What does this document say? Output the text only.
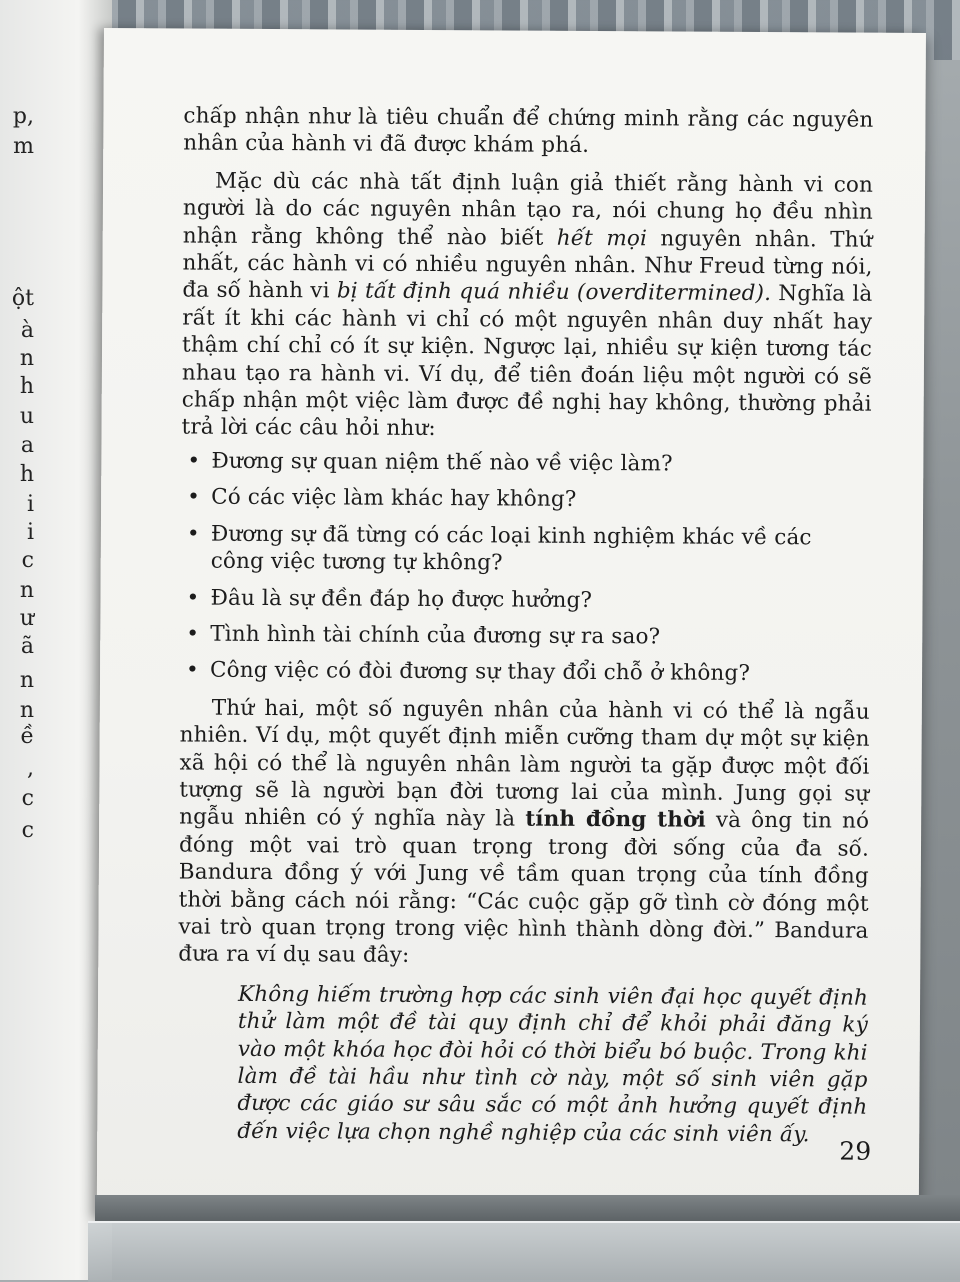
p,
m
ột
à
n
h
u
a
h
i
i
c
n
ư
ã
n
n
ề
,
c
c

chấp nhận như là tiêu chuẩn để chứng minh rằng các nguyên nhân của hành vi đã được khám phá.

Mặc dù các nhà tất định luận giả thiết rằng hành vi con người là do các nguyên nhân tạo ra, nói chung họ đều nhìn nhận rằng không thể nào biết hết mọi nguyên nhân. Thứ nhất, các hành vi có nhiều nguyên nhân. Như Freud từng nói, đa số hành vi bị tất định quá nhiều (overditermined). Nghĩa là rất ít khi các hành vi chỉ có một nguyên nhân duy nhất hay thậm chí chỉ có ít sự kiện. Ngược lại, nhiều sự kiện tương tác nhau tạo ra hành vi. Ví dụ, để tiên đoán liệu một người có sẽ chấp nhận một việc làm được đề nghị hay không, thường phải trả lời các câu hỏi như:

• Đương sự quan niệm thế nào về việc làm?
• Có các việc làm khác hay không?
• Đương sự đã từng có các loại kinh nghiệm khác về các công việc tương tự không?
• Đâu là sự đền đáp họ được hưởng?
• Tình hình tài chính của đương sự ra sao?
• Công việc có đòi đương sự thay đổi chỗ ở không?

Thứ hai, một số nguyên nhân của hành vi có thể là ngẫu nhiên. Ví dụ, một quyết định miễn cưỡng tham dự một sự kiện xã hội có thể là nguyên nhân làm người ta gặp được một đối tượng sẽ là người bạn đời tương lai của mình. Jung gọi sự ngẫu nhiên có ý nghĩa này là tính đồng thời và ông tin nó đóng một vai trò quan trọng trong đời sống của đa số. Bandura đồng ý với Jung về tầm quan trọng của tính đồng thời bằng cách nói rằng: “Các cuộc gặp gỡ tình cờ đóng một vai trò quan trọng trong việc hình thành dòng đời.” Bandura đưa ra ví dụ sau đây:

Không hiếm trường hợp các sinh viên đại học quyết định thử làm một đề tài quy định chỉ để khỏi phải đăng ký vào một khóa học đòi hỏi có thời biểu bó buộc. Trong khi làm đề tài hầu như tình cờ này, một số sinh viên gặp được các giáo sư sâu sắc có một ảnh hưởng quyết định đến việc lựa chọn nghề nghiệp của các sinh viên ấy.

29
